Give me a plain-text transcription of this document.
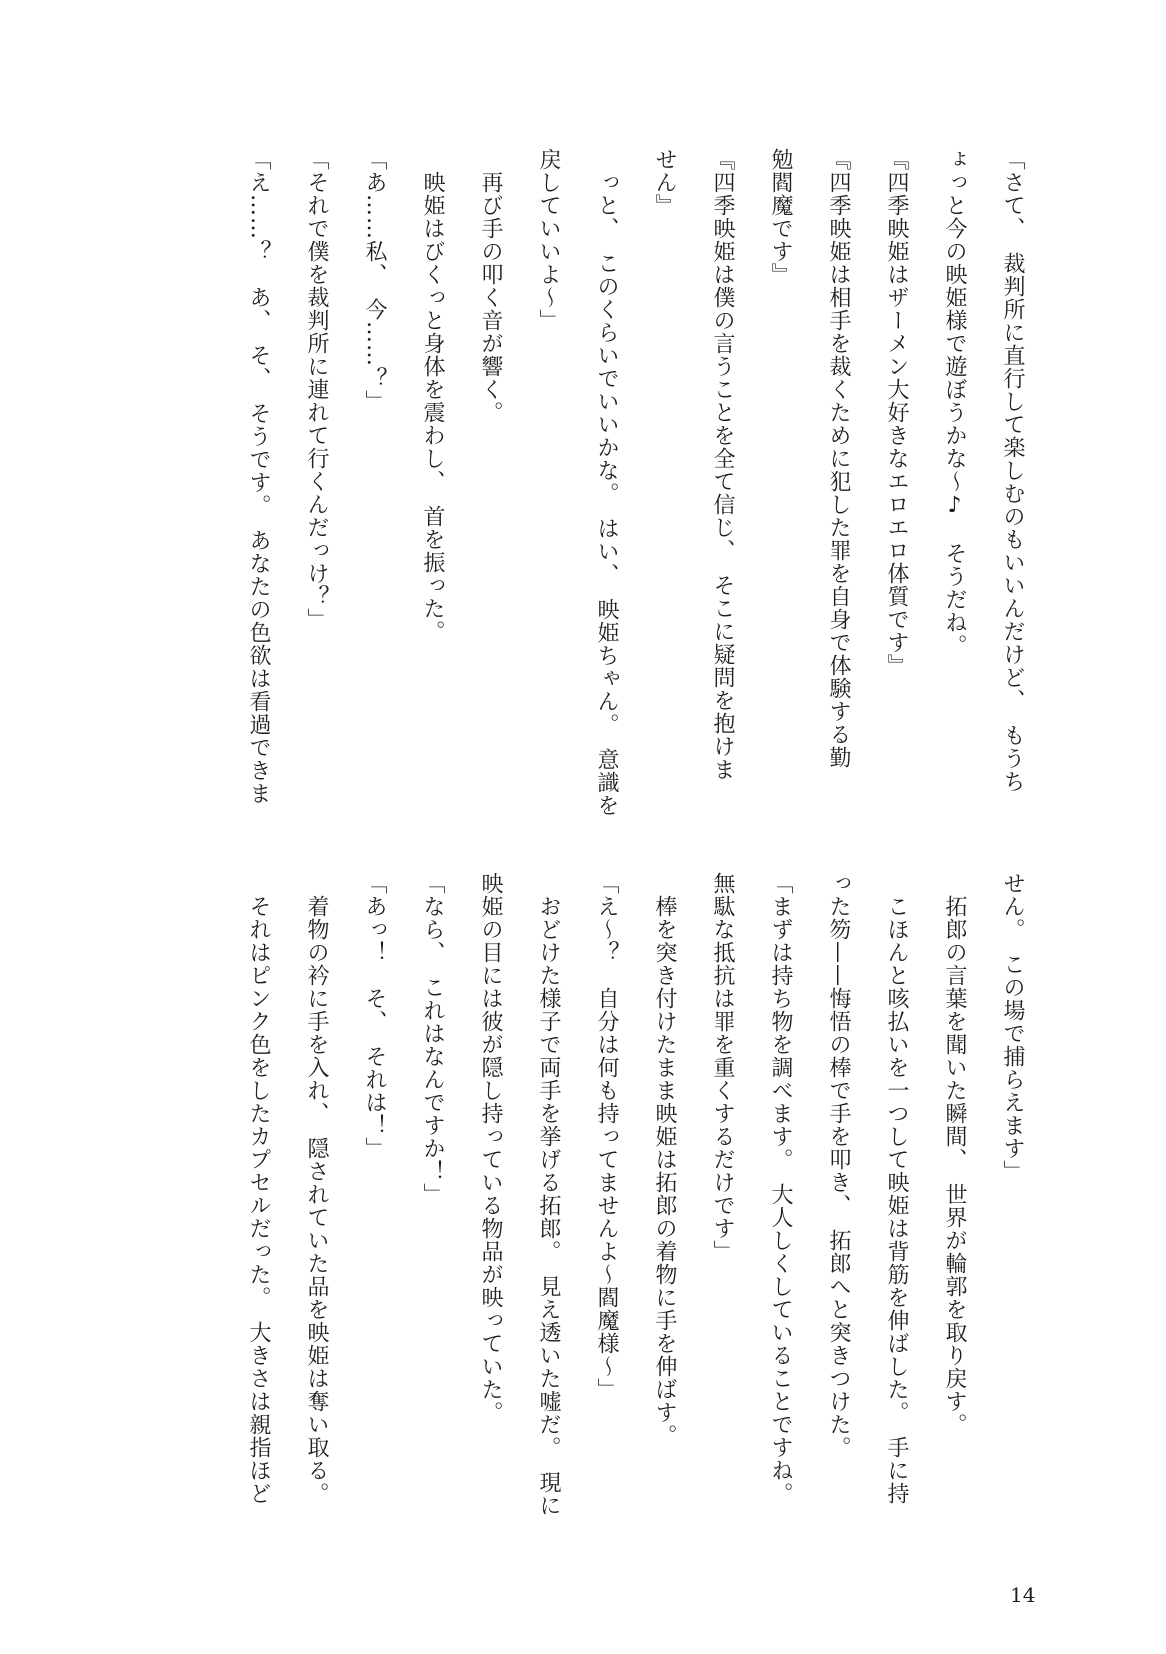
「さて、　裁判所に直行して楽しむのもいいんだけど、　もうち
ょっと今の映姫様で遊ぼうかな～♪　そうだね。
『四季映姫はザーメン大好きなエロエロ体質です』
『四季映姫は相手を裁くために犯した罪を自身で体験する勤
勉閻魔です』
『四季映姫は僕の言うことを全て信じ、　そこに疑問を抱けま
せん』
　っと、　このくらいでいいかな。　はい、　映姫ちゃん。　意識を
戻していいよ～」
　再び手の叩く音が響く。
　映姫はびくっと身体を震わし、　首を振った。
「あ……私、　今……？」
「それで僕を裁判所に連れて行くんだっけ？」
「え……？　あ、　そ、　そうです。　あなたの色欲は看過できま
せん。　この場で捕らえます」
　拓郎の言葉を聞いた瞬間、　世界が輪郭を取り戻す。
　こほんと咳払いを一つして映姫は背筋を伸ばした。　手に持
った笏——悔悟の棒で手を叩き、　拓郎へと突きつけた。
「まずは持ち物を調べます。　大人しくしていることですね。
無駄な抵抗は罪を重くするだけです」
　棒を突き付けたまま映姫は拓郎の着物に手を伸ばす。
「え～？　自分は何も持ってませんよ～閻魔様～」
　おどけた様子で両手を挙げる拓郎。　見え透いた嘘だ。　現に
映姫の目には彼が隠し持っている物品が映っていた。
「なら、　これはなんですか！」
「あっ！　そ、　それは！」
　着物の衿に手を入れ、　隠されていた品を映姫は奪い取る。
　それはピンク色をしたカプセルだった。　大きさは親指ほど
14
